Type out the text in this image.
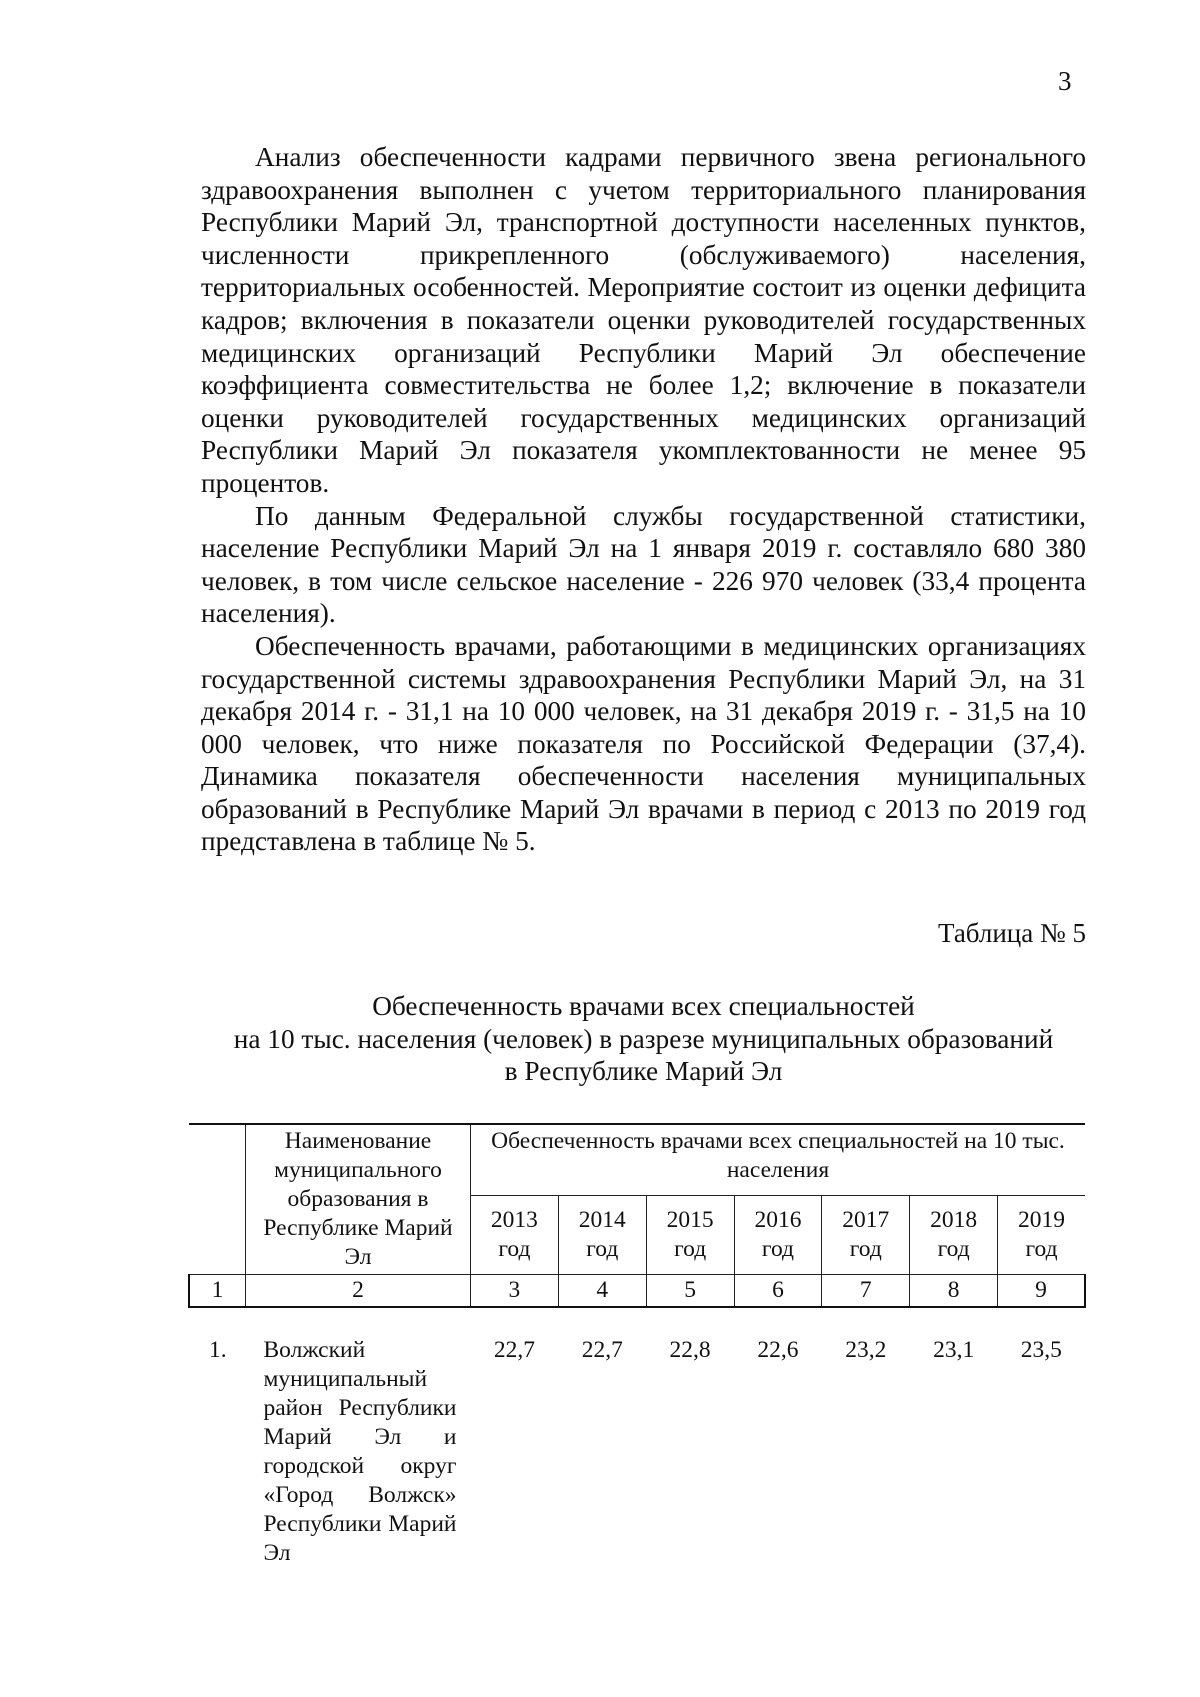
3

Анализ обеспеченности кадрами первичного звена регионального здравоохранения выполнен с учетом территориального планирования Республики Марий Эл, транспортной доступности населенных пунктов, численности прикрепленного (обслуживаемого) населения, территориальных особенностей. Мероприятие состоит из оценки дефицита кадров; включения в показатели оценки руководителей государственных медицинских организаций Республики Марий Эл обеспечение коэффициента совместительства не более 1,2; включение в показатели оценки руководителей государственных медицинских организаций Республики Марий Эл показателя укомплектованности не менее 95 процентов.

По данным Федеральной службы государственной статистики, население Республики Марий Эл на 1 января 2019 г. составляло 680 380 человек, в том числе сельское население - 226 970 человек (33,4 процента населения).

Обеспеченность врачами, работающими в медицинских организациях государственной системы здравоохранения Республики Марий Эл, на 31 декабря 2014 г. - 31,1 на 10 000 человек, на 31 декабря 2019 г. - 31,5 на 10 000 человек, что ниже показателя по Российской Федерации (37,4). Динамика показателя обеспеченности населения муниципальных образований в Республике Марий Эл врачами в период с 2013 по 2019 год представлена в таблице № 5.

Таблица № 5
Обеспеченность врачами всех специальностей
на 10 тыс. населения (человек) в разрезе муниципальных образований
в Республике Марий Эл
	Наименование муниципального образования в Республике Марий Эл	Обеспеченность врачами всех специальностей на 10 тыс. населения						
		2013 год	2014 год	2015 год	2016 год	2017 год	2018 год	2019 год
1	2	3	4	5	6	7	8	9

1.	Волжский муниципальный район Республики Марий Эл и городской округ «Город Волжск» Республики Марий Эл	22,7	22,7	22,8	22,6	23,2	23,1	23,5
